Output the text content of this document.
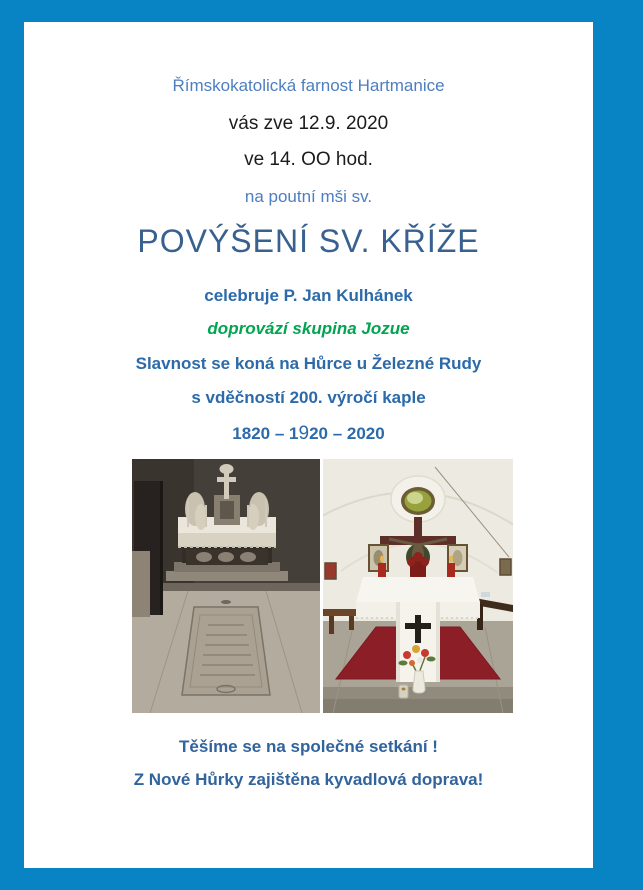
Římskokatolická farnost Hartmanice
vás zve 12.9. 2020
ve 14. OO hod.
na poutní mši sv.
POVÝŠENÍ SV. KŘÍŽE
celebruje P. Jan Kulhánek
doprovází skupina Jozue
Slavnost se koná na Hůrce u Železné Rudy
s vděčností 200. výročí kaple
1820 – 1920 – 2020
Těšíme se na společné setkání !
Z Nové Hůrky zajištěna kyvadlová doprava!
